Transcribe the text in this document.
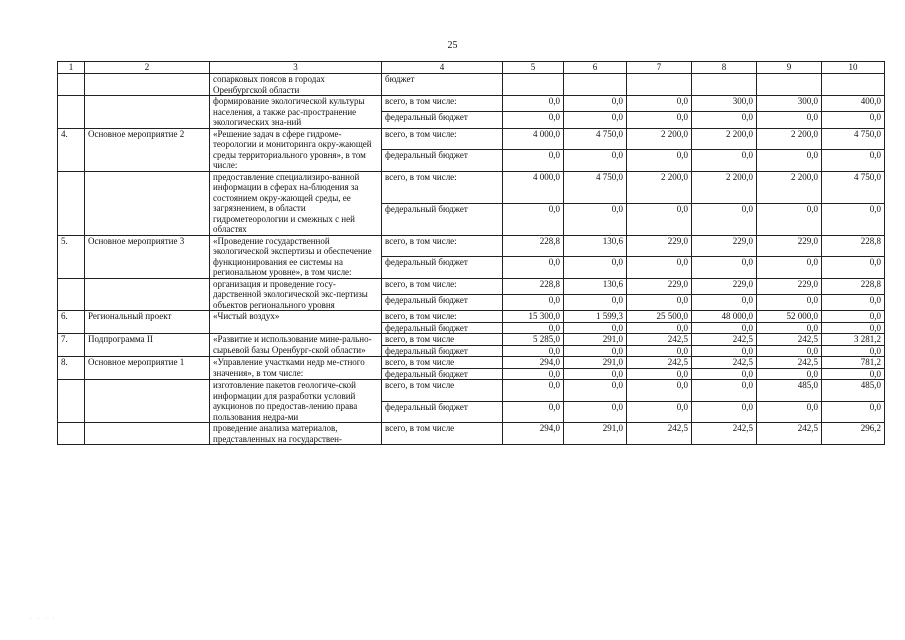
25
1	2	3	4	5	6	7	8	9	10
		сопарковых поясов в городах Оренбургской области	бюджет						
		формирование экологической культуры населения, а также рас-пространение экологических зна-ний	всего, в том числе:	0,0	0,0	0,0	300,0	300,0	400,0
			федеральный бюджет	0,0	0,0	0,0	0,0	0,0	0,0
4.	Основное мероприятие 2	«Решение задач в сфере гидроме-теорологии и мониторинга окру-жающей среды территориального уровня», в том числе:	всего, в том числе:	4 000,0	4 750,0	2 200,0	2 200,0	2 200,0	4 750,0
			федеральный бюджет	0,0	0,0	0,0	0,0	0,0	0,0
		предоставление специализиро-ванной информации в сферах на-блюдения за состоянием окру-жающей среды, ее загрязнением, в области гидрометеорологии и смежных с ней областях	всего, в том числе:	4 000,0	4 750,0	2 200,0	2 200,0	2 200,0	4 750,0
			федеральный бюджет	0,0	0,0	0,0	0,0	0,0	0,0
5.	Основное мероприятие 3	«Проведение государственной экологической экспертизы и обеспечение функционирования ее системы на региональном уровне», в том числе:	всего, в том числе:	228,8	130,6	229,0	229,0	229,0	228,8
			федеральный бюджет	0,0	0,0	0,0	0,0	0,0	0,0
		организация и проведение госу-дарственной экологической экс-пертизы объектов регионального уровня	всего, в том числе:	228,8	130,6	229,0	229,0	229,0	228,8
			федеральный бюджет	0,0	0,0	0,0	0,0	0,0	0,0
6.	Региональный проект	«Чистый воздух»	всего, в том числе:	15 300,0	1 599,3	25 500,0	48 000,0	52 000,0	0,0
			федеральный бюджет	0,0	0,0	0,0	0,0	0,0	0,0
7.	Подпрограмма II	«Развитие и использование мине-рально-сырьевой базы Оренбург-ской области»	всего, в том числе	5 285,0	291,0	242,5	242,5	242,5	3 281,2
			федеральный бюджет	0,0	0,0	0,0	0,0	0,0	0,0
8.	Основное мероприятие 1	«Управление участками недр ме-стного значения», в том числе:	всего, в том числе	294,0	291,0	242,5	242,5	242,5	781,2
			федеральный бюджет	0,0	0,0	0,0	0,0	0,0	0,0
		изготовление пакетов геологиче-ской информации для разработки условий аукционов по предостав-лению права пользования недра-ми	всего, в том числе	0,0	0,0	0,0	0,0	485,0	485,0
			федеральный бюджет	0,0	0,0	0,0	0,0	0,0	0,0
		проведение анализа материалов, представленных на государствен-	всего, в том числе	294,0	291,0	242,5	242,5	242,5	296,2
· · · ·
